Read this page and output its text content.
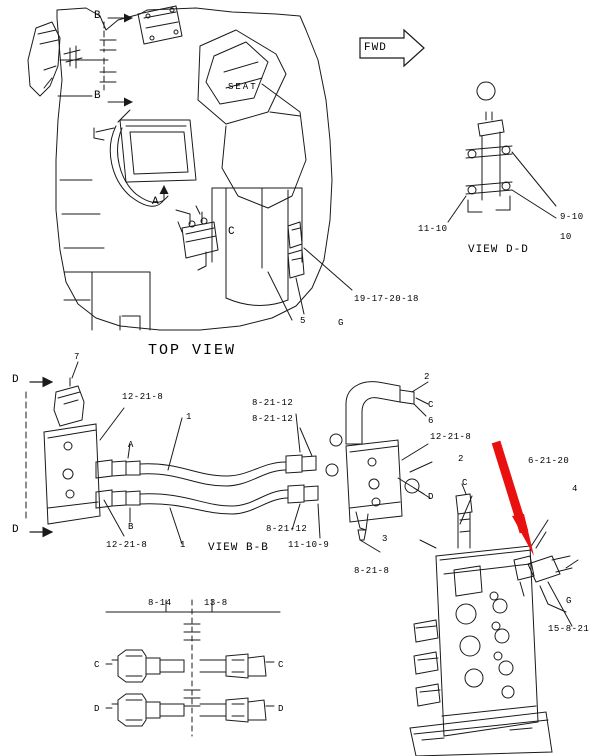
B
B
A
C
SEAT
FWD
19-17-20-18
5	G
TOP VIEW
9-10
10
11-10
VIEW D-D
D
D
7
12-21-8
1
A
B
12-21-8	1
8-21-12
8-21-12
8-21-12
11-10-9
2
C
6
12-21-8
2
D
3
8-21-8
VIEW B-B
6-21-20
4
C
G
15-8-21
8-14	13-8
C	C
D	D
